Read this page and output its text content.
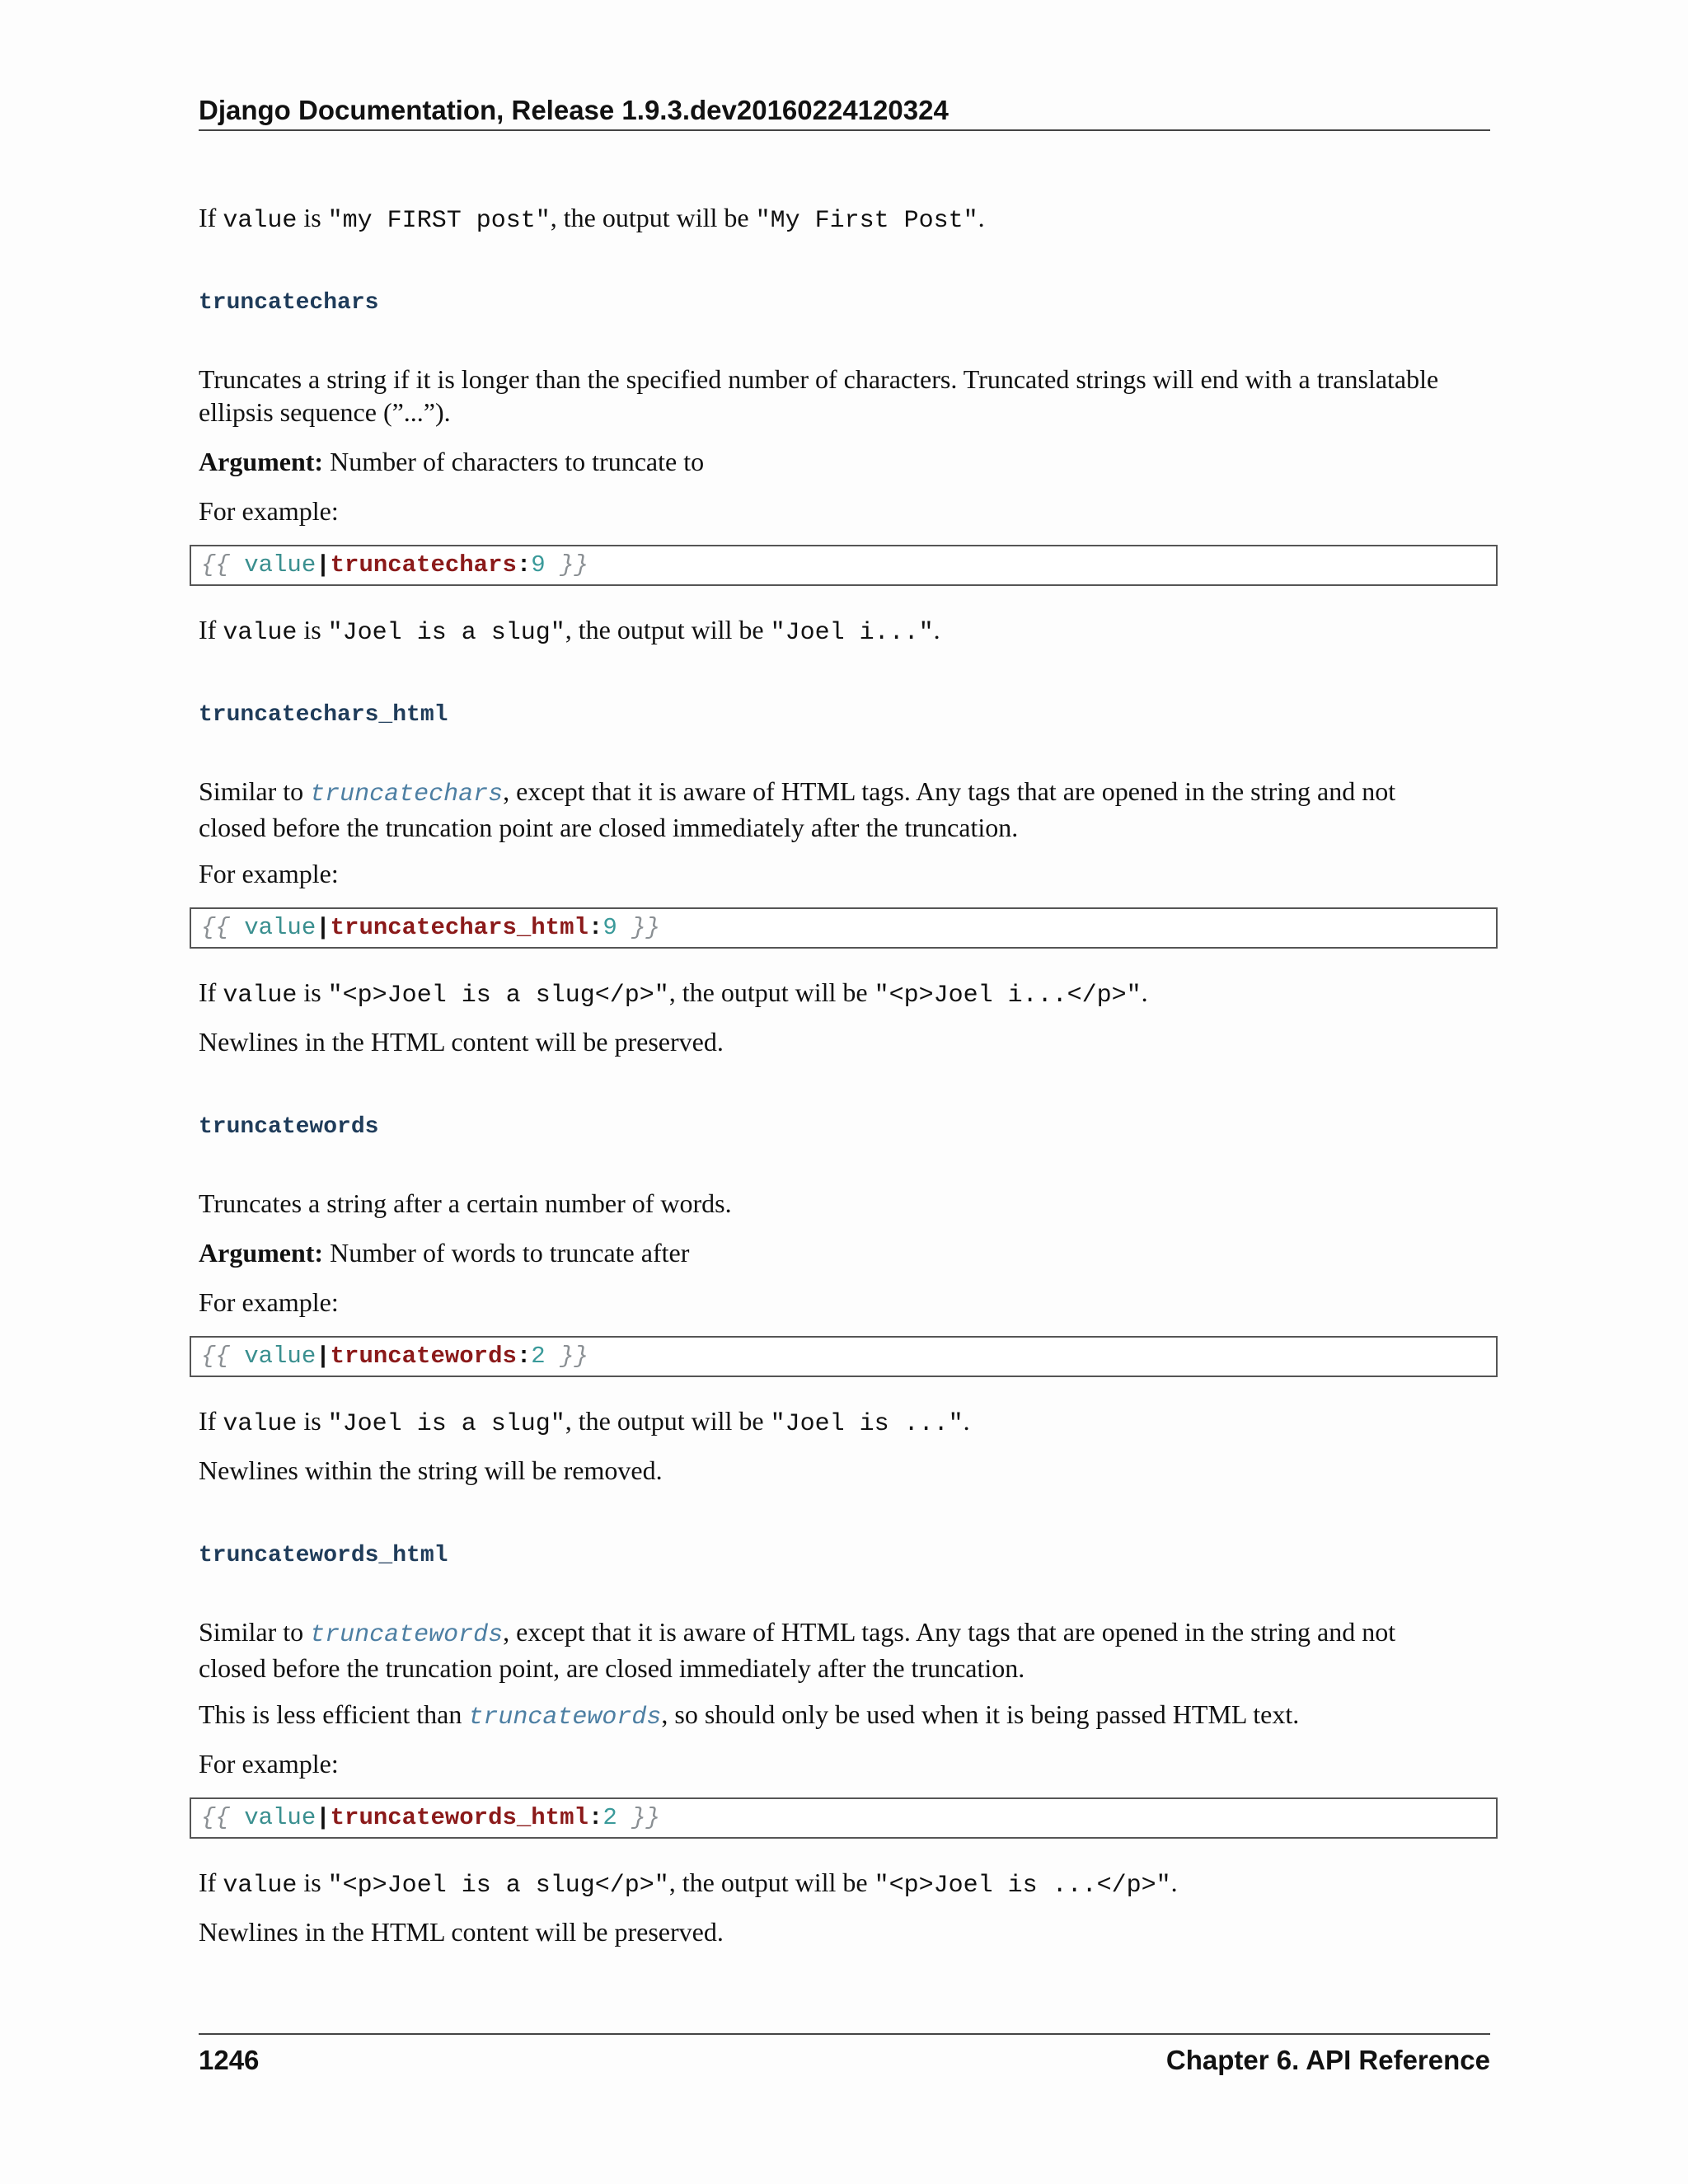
Django Documentation, Release 1.9.3.dev20160224120324
If value is "my FIRST post", the output will be "My First Post".
truncatechars
Truncates a string if it is longer than the specified number of characters. Truncated strings will end with a translatable
ellipsis sequence (”...”).
Argument: Number of characters to truncate to
For example:
{{ value|truncatechars:9 }}
If value is "Joel is a slug", the output will be "Joel i...".
truncatechars_html
Similar to truncatechars, except that it is aware of HTML tags. Any tags that are opened in the string and not
closed before the truncation point are closed immediately after the truncation.
For example:
{{ value|truncatechars_html:9 }}
If value is "<p>Joel is a slug</p>", the output will be "<p>Joel i...</p>".
Newlines in the HTML content will be preserved.
truncatewords
Truncates a string after a certain number of words.
Argument: Number of words to truncate after
For example:
{{ value|truncatewords:2 }}
If value is "Joel is a slug", the output will be "Joel is ...".
Newlines within the string will be removed.
truncatewords_html
Similar to truncatewords, except that it is aware of HTML tags. Any tags that are opened in the string and not
closed before the truncation point, are closed immediately after the truncation.
This is less efficient than truncatewords, so should only be used when it is being passed HTML text.
For example:
{{ value|truncatewords_html:2 }}
If value is "<p>Joel is a slug</p>", the output will be "<p>Joel is ...</p>".
Newlines in the HTML content will be preserved.
1246	Chapter 6. API Reference
